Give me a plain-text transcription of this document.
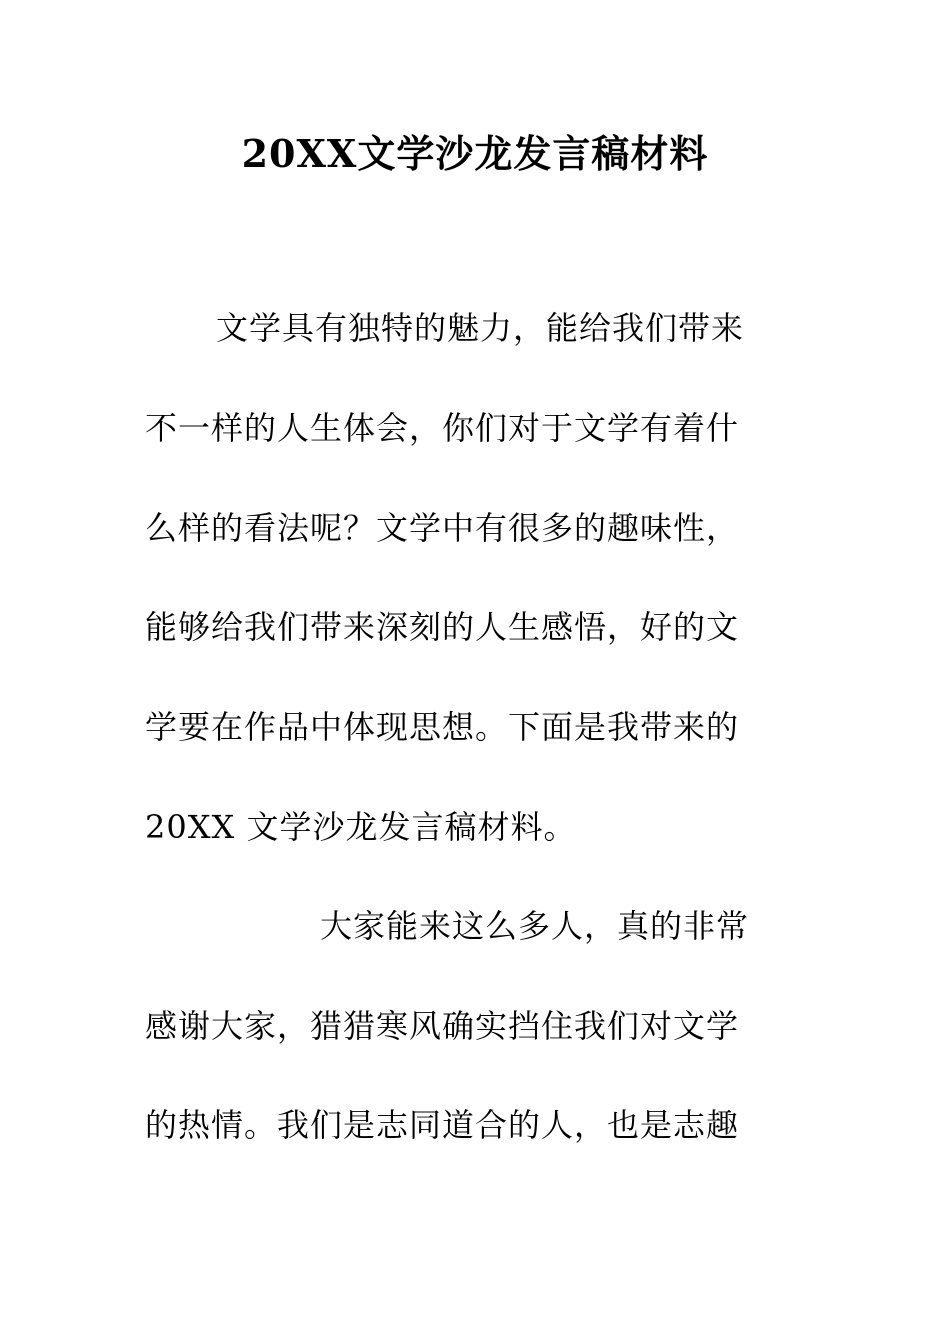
20XX文学沙龙发言稿材料
文学具有独特的魅力，能给我们带来
不一样的人生体会，你们对于文学有着什
么样的看法呢？文学中有很多的趣味性，
能够给我们带来深刻的人生感悟，好的文
学要在作品中体现思想。下面是我带来的
20XX 文学沙龙发言稿材料。
大家能来这么多人，真的非常
感谢大家，猎猎寒风确实挡住我们对文学
的热情。我们是志同道合的人，也是志趣
